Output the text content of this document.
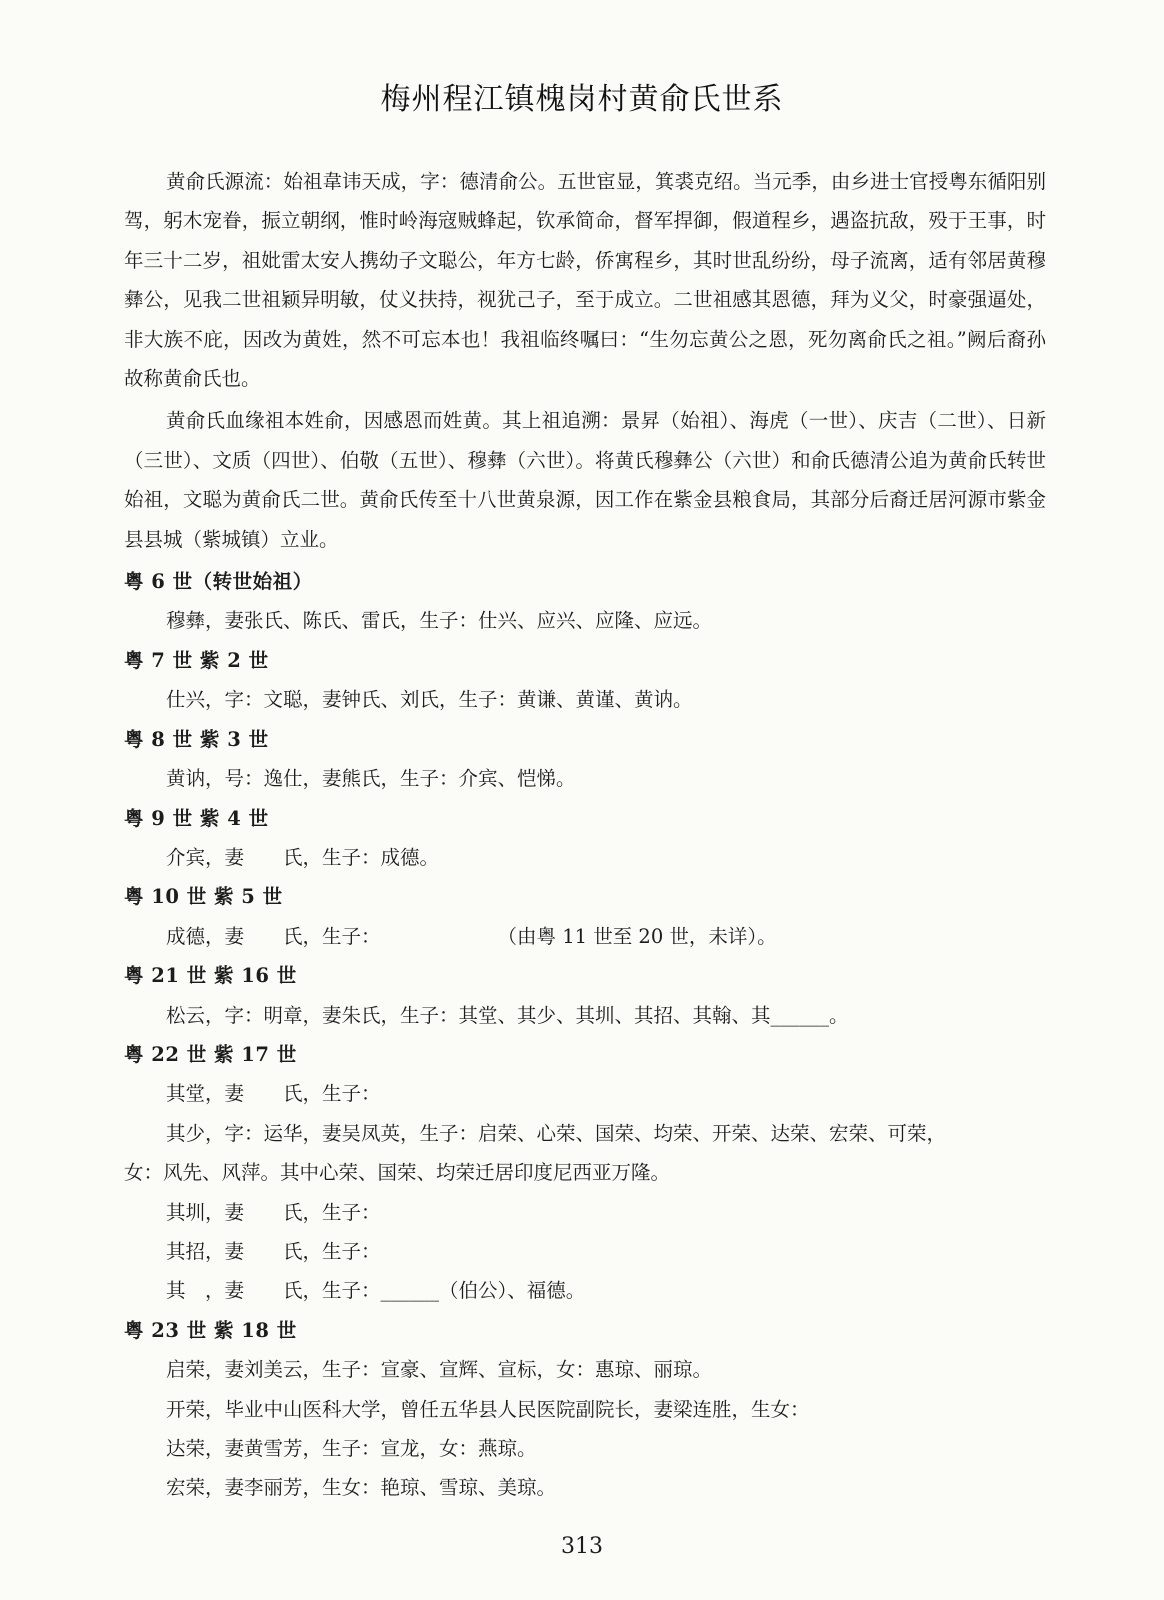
梅州程江镇槐岗村黄俞氏世系

黄俞氏源流：始祖韋讳天成，字：德清俞公。五世宦显，箕裘克绍。当元季，由乡进士官授粤东循阳别驾，躬木宠眷，振立朝纲，惟时岭海寇贼蜂起，钦承简命，督军捍御，假道程乡，遇盗抗敌，殁于王事，时年三十二岁，祖妣雷太安人携幼子文聪公，年方七龄，侨寓程乡，其时世乱纷纷，母子流离，适有邻居黄穆彝公，见我二世祖颖异明敏，仗义扶持，视犹己子，至于成立。二世祖感其恩德，拜为义父，时豪强逼处，非大族不庇，因改为黄姓，然不可忘本也！我祖临终嘱曰：“生勿忘黄公之恩，死勿离俞氏之祖。”阙后裔孙故称黄俞氏也。

黄俞氏血缘祖本姓俞，因感恩而姓黄。其上祖追溯：景昇（始祖）、海虎（一世）、庆吉（二世）、日新（三世）、文质（四世）、伯敬（五世）、穆彝（六世）。将黄氏穆彝公（六世）和俞氏德清公追为黄俞氏转世始祖，文聪为黄俞氏二世。黄俞氏传至十八世黄泉源，因工作在紫金县粮食局，其部分后裔迁居河源市紫金县县城（紫城镇）立业。

粤 6 世（转世始祖）

穆彝，妻张氏、陈氏、雷氏，生子：仕兴、应兴、应隆、应远。

粤 7 世 紫 2 世

仕兴，字：文聪，妻钟氏、刘氏，生子：黄谦、黄谨、黄讷。

粤 8 世 紫 3 世

黄讷，号：逸仕，妻熊氏，生子：介宾、恺悌。

粤 9 世 紫 4 世

介宾，妻　　氏，生子：成德。

粤 10 世 紫 5 世

成德，妻　　氏，生子：　　　　　　　（由粤 11 世至 20 世，未详）。

粤 21 世 紫 16 世

松云，字：明章，妻朱氏，生子：其堂、其少、其圳、其招、其翰、其______。

粤 22 世 紫 17 世

其堂，妻　　氏，生子：

其少，字：运华，妻吴凤英，生子：启荣、心荣、国荣、均荣、开荣、达荣、宏荣、可荣，

女：风先、风萍。其中心荣、国荣、均荣迁居印度尼西亚万隆。

其圳，妻　　氏，生子：

其招，妻　　氏，生子：

其　，妻　　氏，生子：______（伯公）、福德。

粤 23 世 紫 18 世

启荣，妻刘美云，生子：宣豪、宣辉、宣标，女：惠琼、丽琼。

开荣，毕业中山医科大学，曾任五华县人民医院副院长，妻梁连胜，生女：

达荣，妻黄雪芳，生子：宣龙，女：燕琼。

宏荣，妻李丽芳，生女：艳琼、雪琼、美琼。

313
